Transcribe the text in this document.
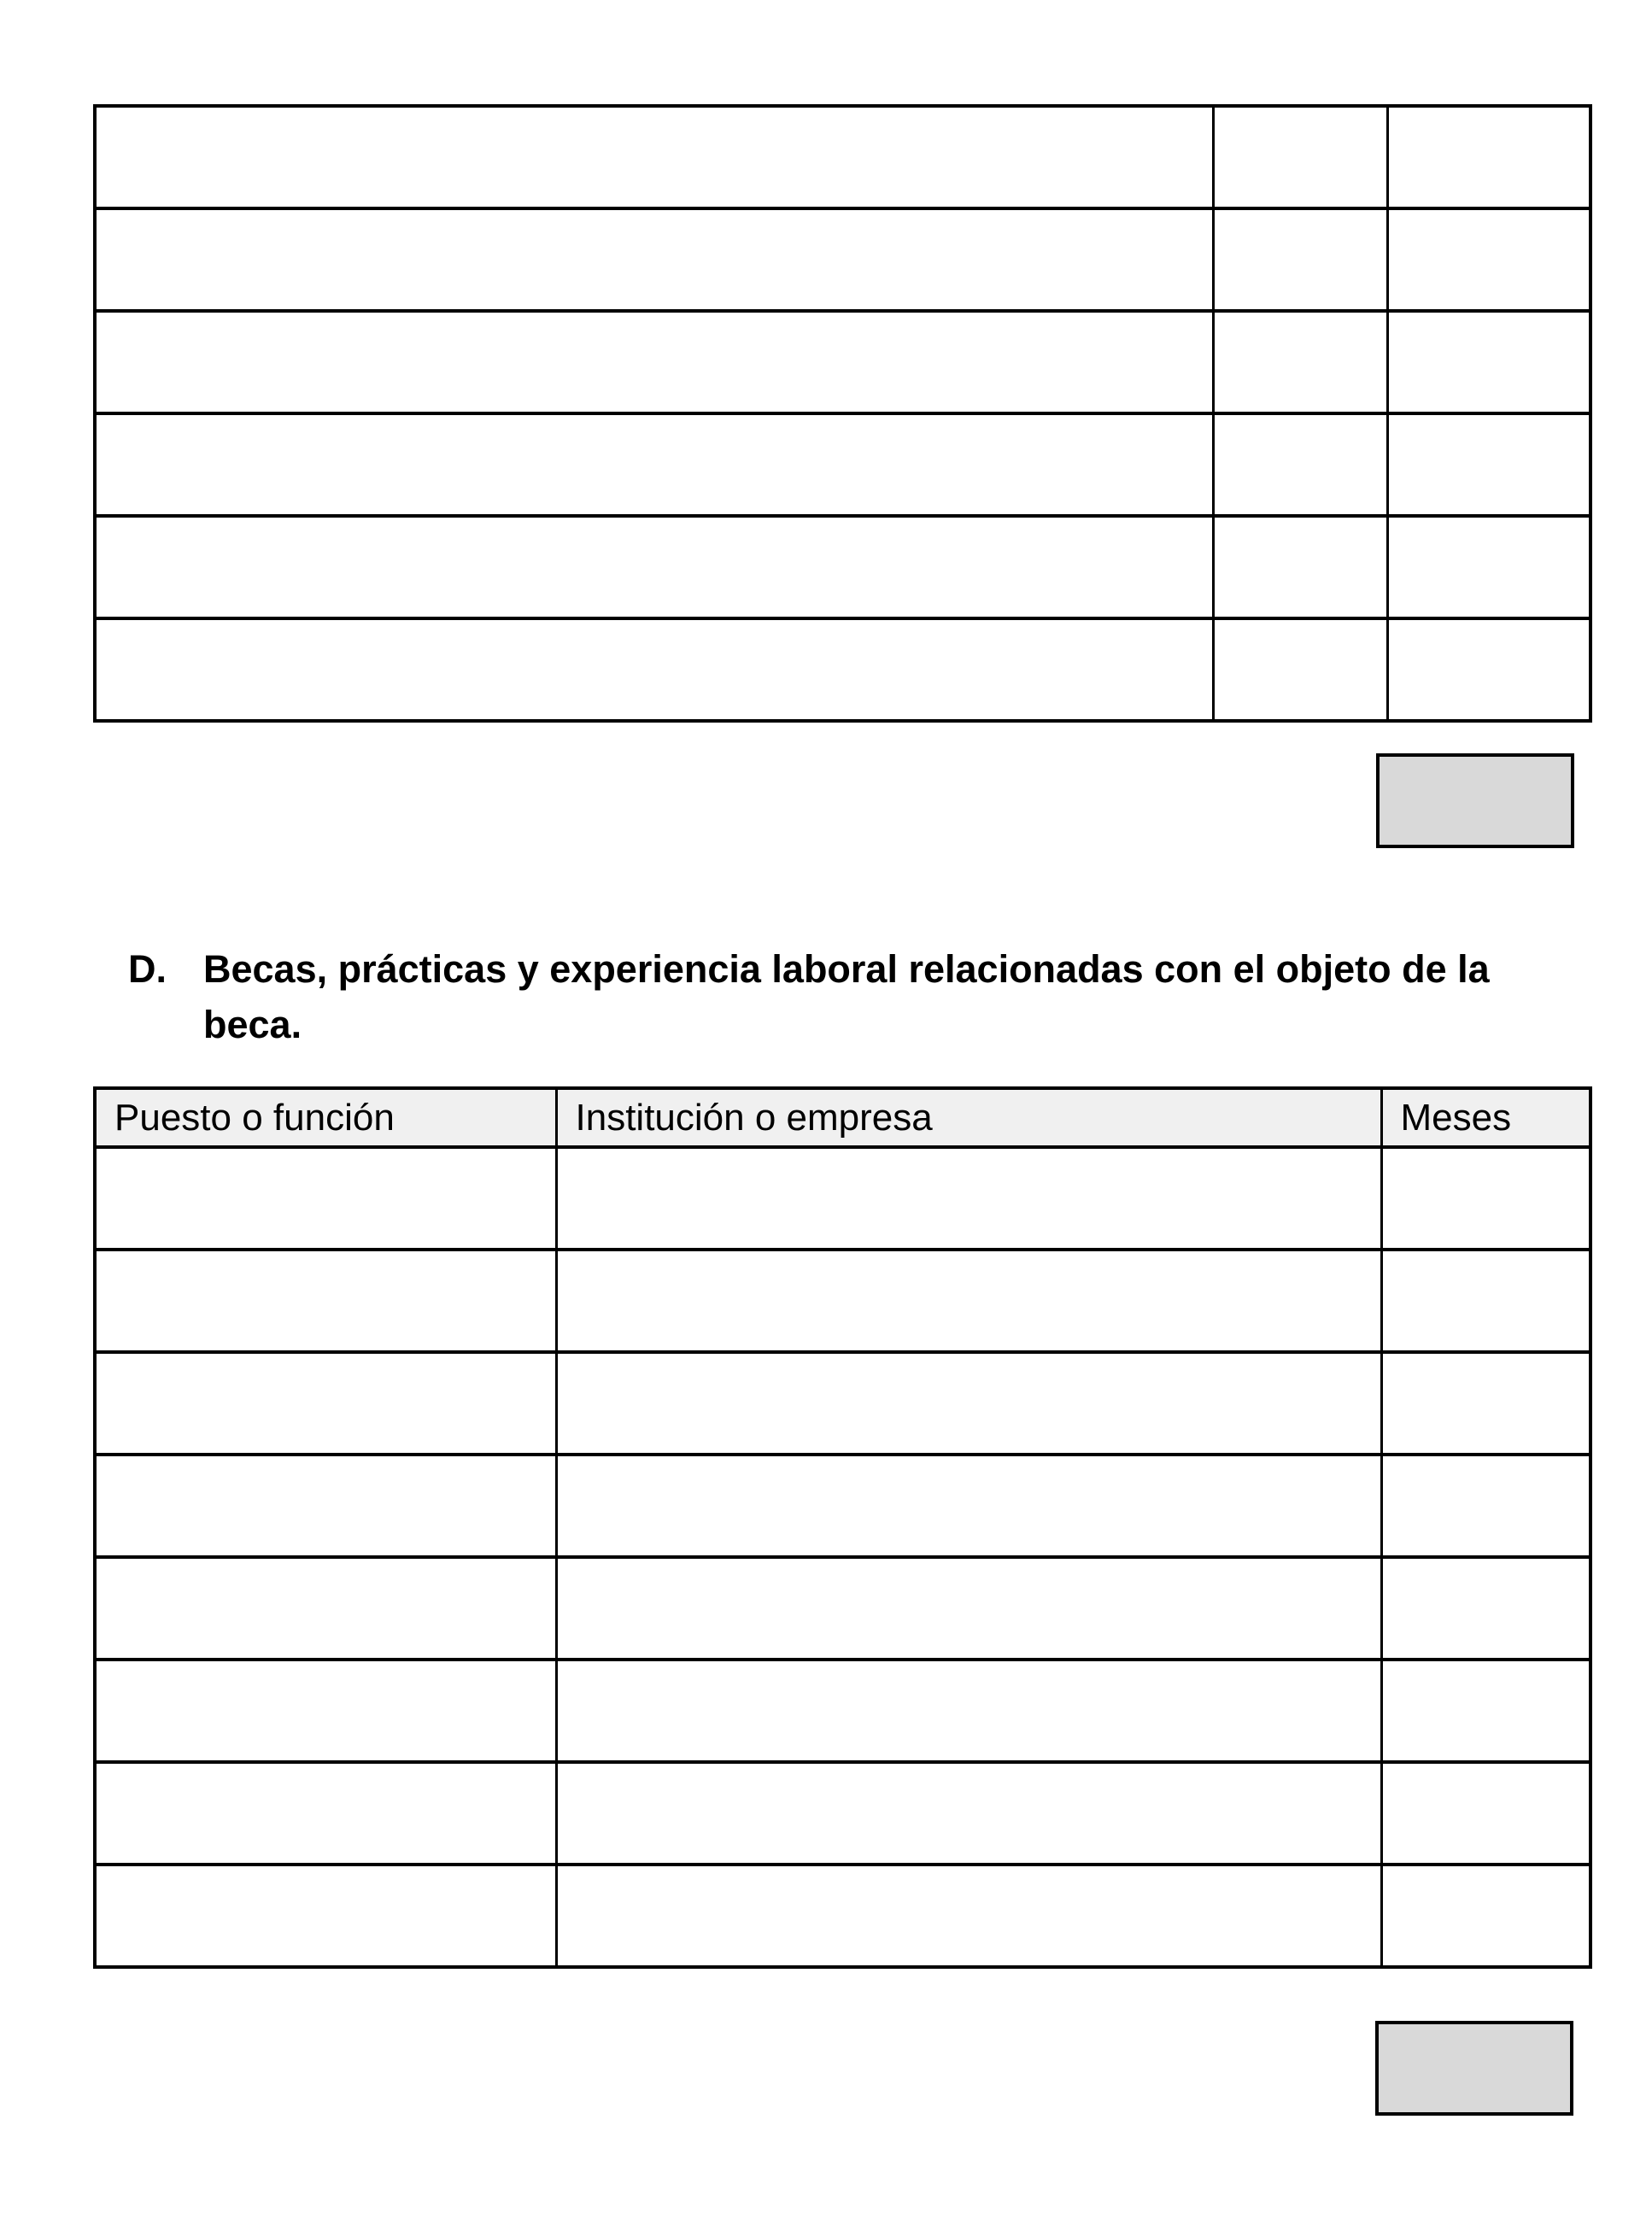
D. Becas, prácticas y experiencia laboral relacionadas con el objeto de la
beca.
Puesto o función	Institución o empresa	Meses
